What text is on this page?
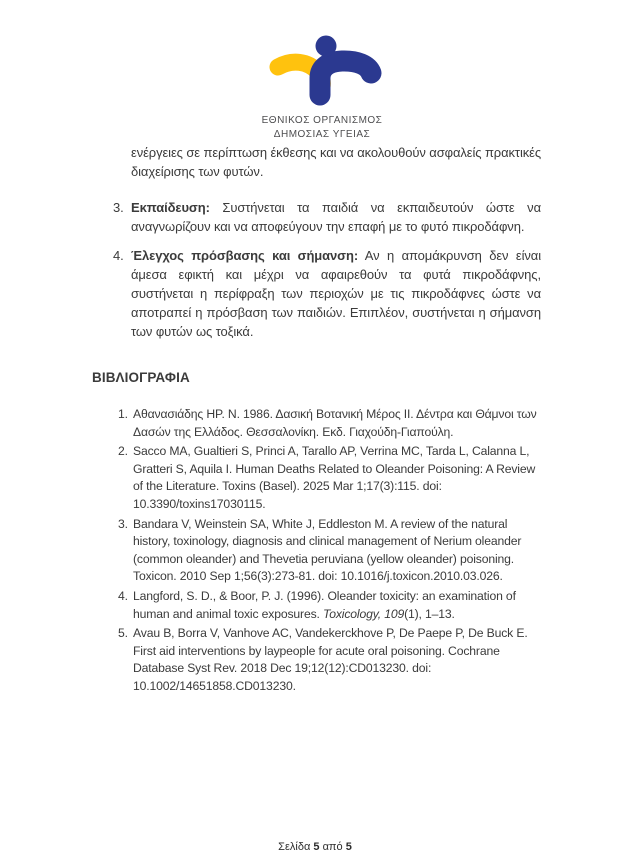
ΕΘΝΙΚΟΣ ΟΡΓΑΝΙΣΜΟΣ
ΔΗΜΟΣΙΑΣ ΥΓΕΙΑΣ

ενέργειες σε περίπτωση έκθεσης και να ακολουθούν ασφαλείς πρακτικές διαχείρισης των φυτών.

3. Εκπαίδευση: Συστήνεται τα παιδιά να εκπαιδευτούν ώστε να αναγνωρίζουν και να αποφεύγουν την επαφή με το φυτό πικροδάφνη.
4. Έλεγχος πρόσβασης και σήμανση: Αν η απομάκρυνση δεν είναι άμεσα εφικτή και μέχρι να αφαιρεθούν τα φυτά πικροδάφνης, συστήνεται η περίφραξη των περιοχών με τις πικροδάφνες ώστε να αποτραπεί η πρόσβαση των παιδιών. Επιπλέον, συστήνεται η σήμανση των φυτών ως τοξικά.
ΒΙΒΛΙΟΓΡΑΦΙΑ
1. Αθανασιάδης ΗΡ. Ν. 1986. Δασική Βοτανική Μέρος ΙΙ. Δέντρα και Θάμνοι των Δασών της Ελλάδος. Θεσσαλονίκη. Εκδ. Γιαχούδη-Γιαπούλη.
2. Sacco MA, Gualtieri S, Princi A, Tarallo AP, Verrina MC, Tarda L, Calanna L, Gratteri S, Aquila I. Human Deaths Related to Oleander Poisoning: A Review of the Literature. Toxins (Basel). 2025 Mar 1;17(3):115. doi: 10.3390/toxins17030115.
3. Bandara V, Weinstein SA, White J, Eddleston M. A review of the natural history, toxinology, diagnosis and clinical management of Nerium oleander (common oleander) and Thevetia peruviana (yellow oleander) poisoning. Toxicon. 2010 Sep 1;56(3):273-81. doi: 10.1016/j.toxicon.2010.03.026.
4. Langford, S. D., & Boor, P. J. (1996). Oleander toxicity: an examination of human and animal toxic exposures. Toxicology, 109(1), 1–13.
5. Avau B, Borra V, Vanhove AC, Vandekerckhove P, De Paepe P, De Buck E. First aid interventions by laypeople for acute oral poisoning. Cochrane Database Syst Rev. 2018 Dec 19;12(12):CD013230. doi: 10.1002/14651858.CD013230.
Σελίδα 5 από 5
